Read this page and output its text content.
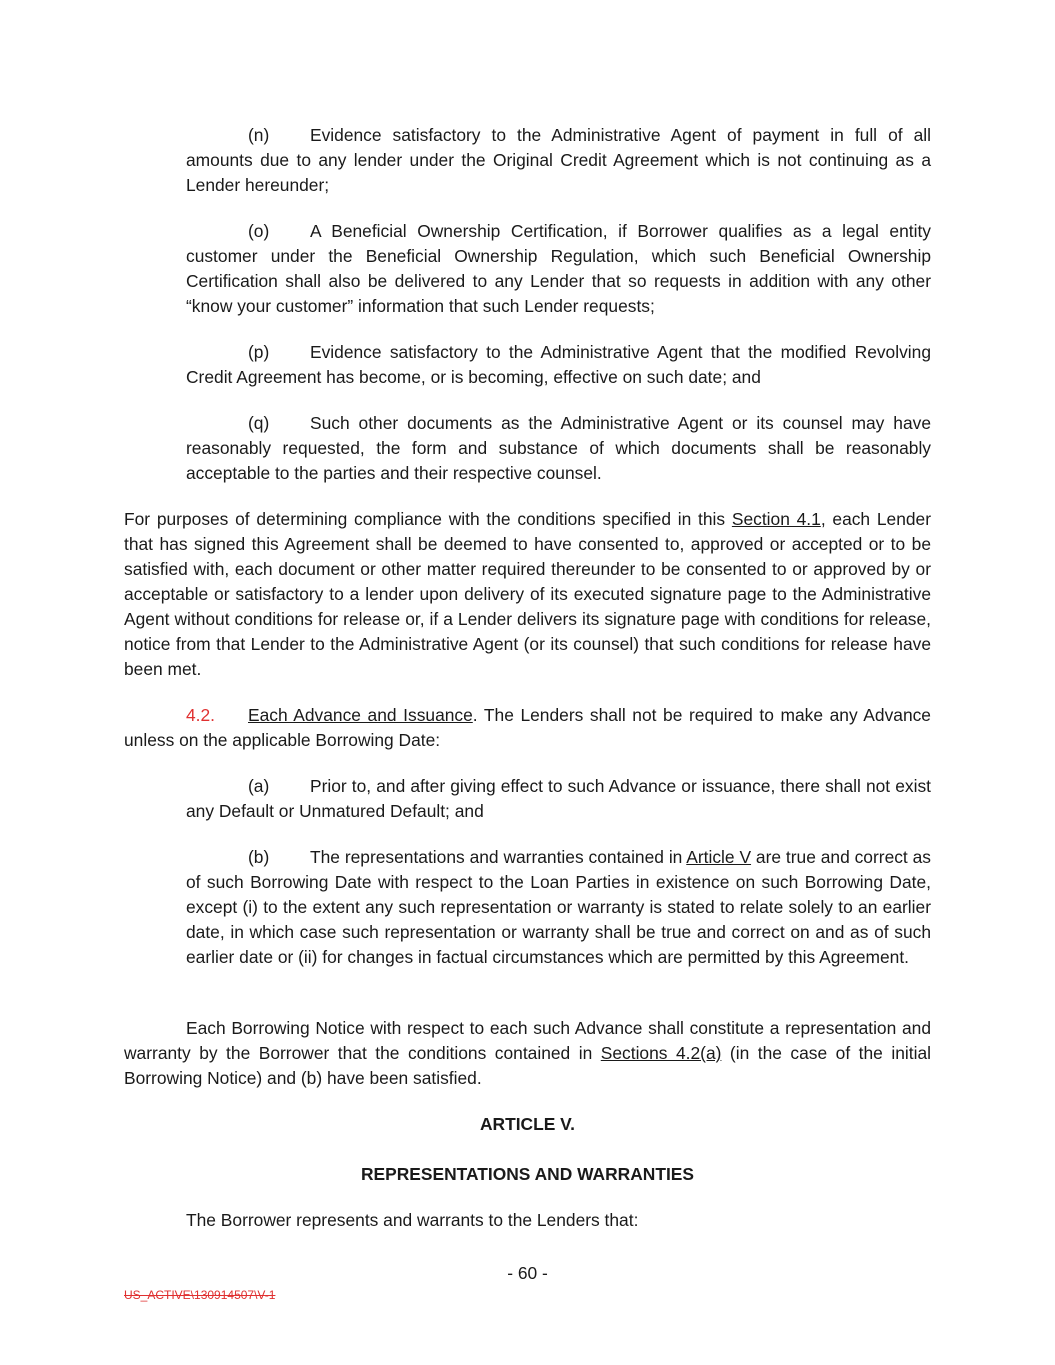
(n) Evidence satisfactory to the Administrative Agent of payment in full of all amounts due to any lender under the Original Credit Agreement which is not continuing as a Lender hereunder;

(o) A Beneficial Ownership Certification, if Borrower qualifies as a legal entity customer under the Beneficial Ownership Regulation, which such Beneficial Ownership Certification shall also be delivered to any Lender that so requests in addition with any other “know your customer” information that such Lender requests;

(p) Evidence satisfactory to the Administrative Agent that the modified Revolving Credit Agreement has become, or is becoming, effective on such date; and

(q) Such other documents as the Administrative Agent or its counsel may have reasonably requested, the form and substance of which documents shall be reasonably acceptable to the parties and their respective counsel.

For purposes of determining compliance with the conditions specified in this Section 4.1, each Lender that has signed this Agreement shall be deemed to have consented to, approved or accepted or to be satisfied with, each document or other matter required thereunder to be consented to or approved by or acceptable or satisfactory to a lender upon delivery of its executed signature page to the Administrative Agent without conditions for release or, if a Lender delivers its signature page with conditions for release, notice from that Lender to the Administrative Agent (or its counsel) that such conditions for release have been met.

4.2. Each Advance and Issuance. The Lenders shall not be required to make any Advance unless on the applicable Borrowing Date:

(a) Prior to, and after giving effect to such Advance or issuance, there shall not exist any Default or Unmatured Default; and

(b) The representations and warranties contained in Article V are true and correct as of such Borrowing Date with respect to the Loan Parties in existence on such Borrowing Date, except (i) to the extent any such representation or warranty is stated to relate solely to an earlier date, in which case such representation or warranty shall be true and correct on and as of such earlier date or (ii) for changes in factual circumstances which are permitted by this Agreement.

Each Borrowing Notice with respect to each such Advance shall constitute a representation and warranty by the Borrower that the conditions contained in Sections 4.2(a) (in the case of the initial Borrowing Notice) and (b) have been satisfied.

ARTICLE V.
REPRESENTATIONS AND WARRANTIES

The Borrower represents and warrants to the Lenders that:

- 60 -
US_ACTIVE\130914507\V-1
